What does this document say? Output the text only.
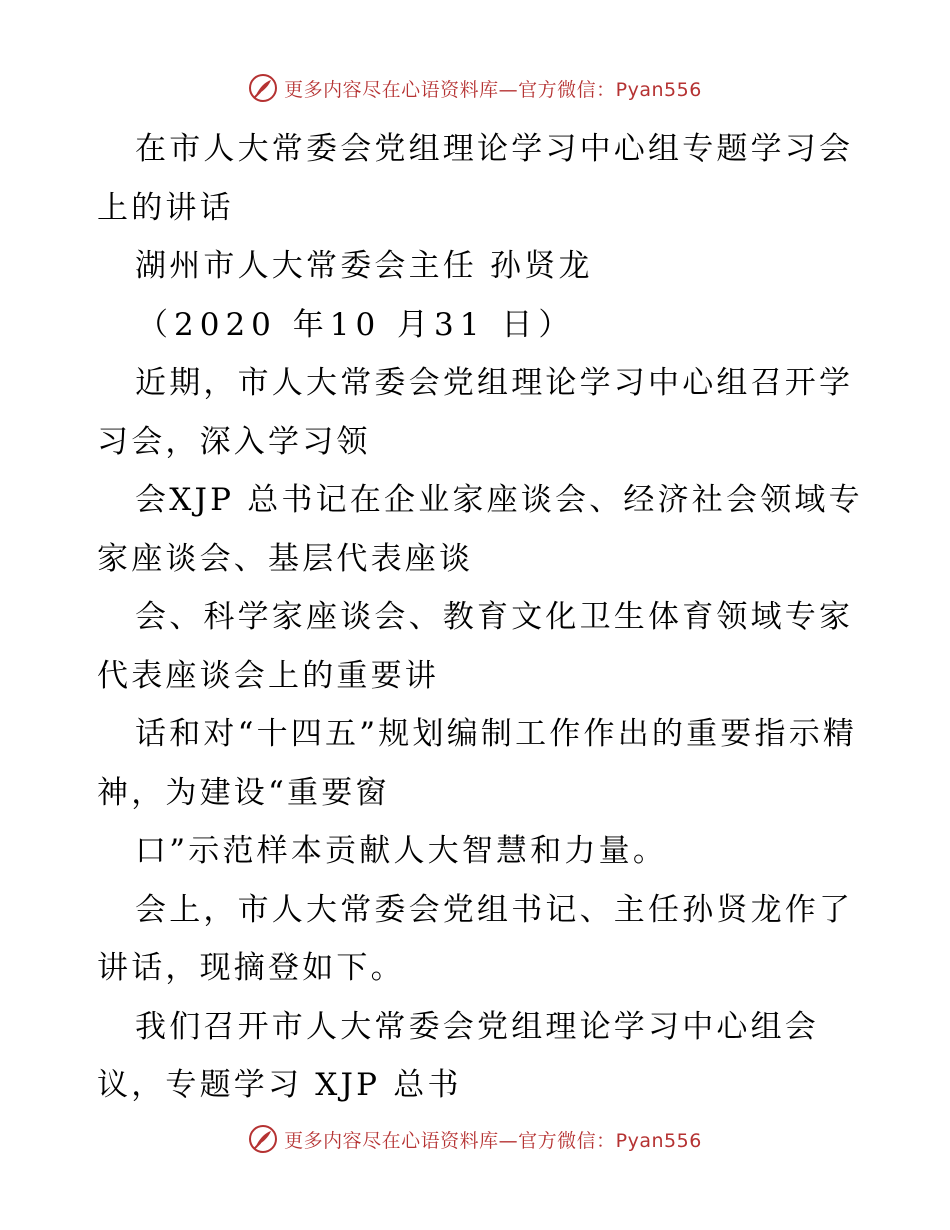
更多内容尽在心语资料库—官方微信：Pyan556

在市人大常委会党组理论学习中心组专题学习会上的讲话

湖州市人大常委会主任 孙贤龙

（2020 年10 月31 日）

近期，市人大常委会党组理论学习中心组召开学习会，深入学习领

会XJP 总书记在企业家座谈会、经济社会领域专家座谈会、基层代表座谈

会、科学家座谈会、教育文化卫生体育领域专家代表座谈会上的重要讲

话和对“十四五”规划编制工作作出的重要指示精神，为建设“重要窗

口”示范样本贡献人大智慧和力量。

会上，市人大常委会党组书记、主任孙贤龙作了讲话，现摘登如下。

我们召开市人大常委会党组理论学习中心组会议，专题学习 XJP 总书

更多内容尽在心语资料库—官方微信：Pyan556
